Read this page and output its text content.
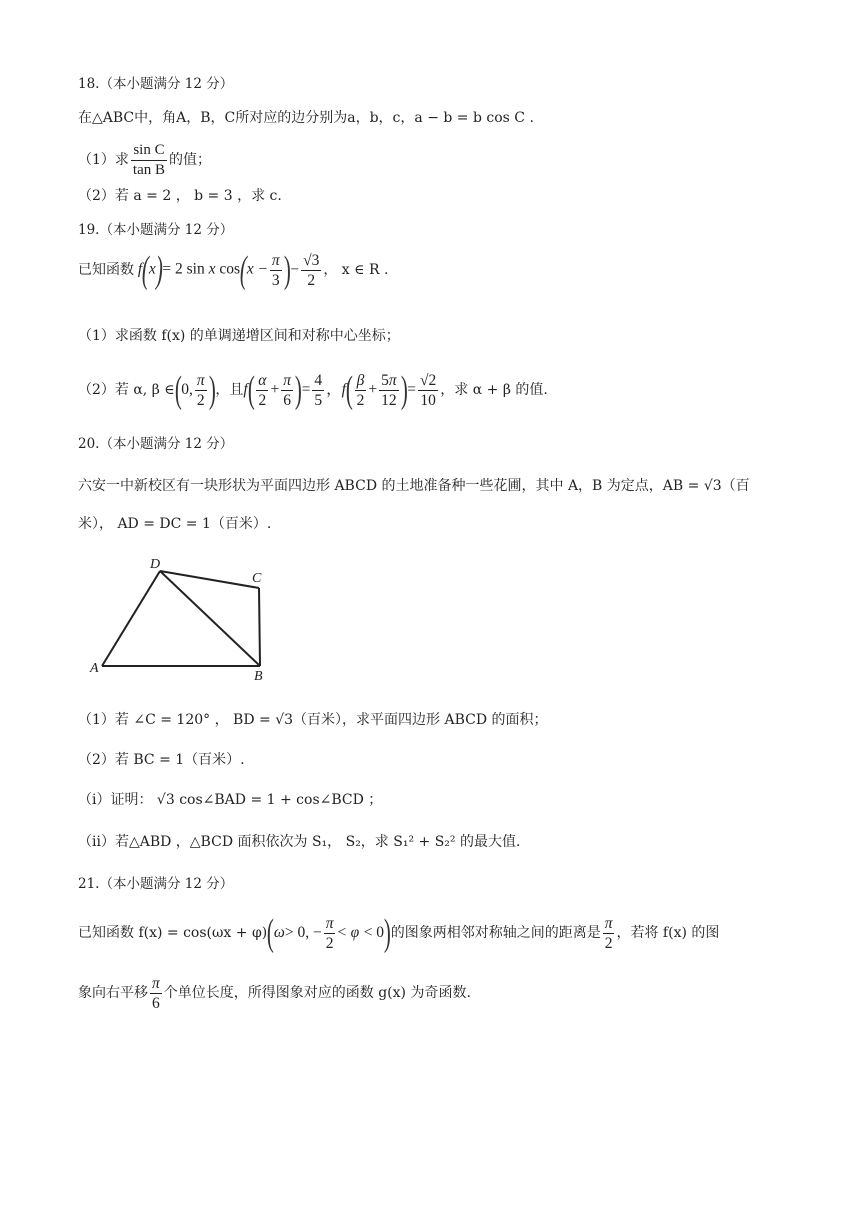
18.（本小题满分 12 分）
在△ABC中，角A，B，C所对应的边分别为a，b，c，a − b = b cos C .
（1）求 $\frac{\text{sin C}}{\text{tan B}}$ 的值；
（2）若 a = 2 ， b = 3 ，求 c.
19.（本小题满分 12 分）
已知函数 f(x)= 2 sin x $\cos(x - \frac{\pi}{3}$ ) − $\frac{√3}{2}$ ， x ∈ R .
（1）求函数 f(x) 的单调递增区间和对称中心坐标；
（2）若 α, β ∈ ( 0, $\frac{\pi}{2}$ ) ，且 f ( $\frac{\alpha}{2} + \frac{\pi}{6}$ ) = $\frac{4}{5}$ ， f ( $\frac{\beta}{2} + \frac{5\pi}{12}$ ) = $\frac{√2}{10}$ ，求 α + β 的值.
20.（本小题满分 12 分）
六安一中新校区有一块形状为平面四边形 ABCD 的土地准备种一些花圃，其中 A，B 为定点，AB = √3（百
米）， AD = DC = 1（百米）.
D
C
A
B
（1）若 ∠C = 120° ， BD = √3（百米），求平面四边形 ABCD 的面积；
（2）若 BC = 1（百米）.
（i）证明： √3 cos∠BAD = 1 + cos∠BCD ；
（ii）若△ABD ，△BCD 面积依次为 S₁， S₂，求 S₁² + S₂² 的最大值.
21.（本小题满分 12 分）
已知函数 f(x) = cos(ωx + φ) ( ω > 0, − $\frac{\pi}{2}$ <
φ
< 0 ) 的图象两相邻对称轴之间的距离是 $\frac{\pi}{2}$ ，若将 f(x) 的图
象向右平移 $\frac{\pi}{6}$ 个单位长度，所得图象对应的函数 g(x) 为奇函数.
